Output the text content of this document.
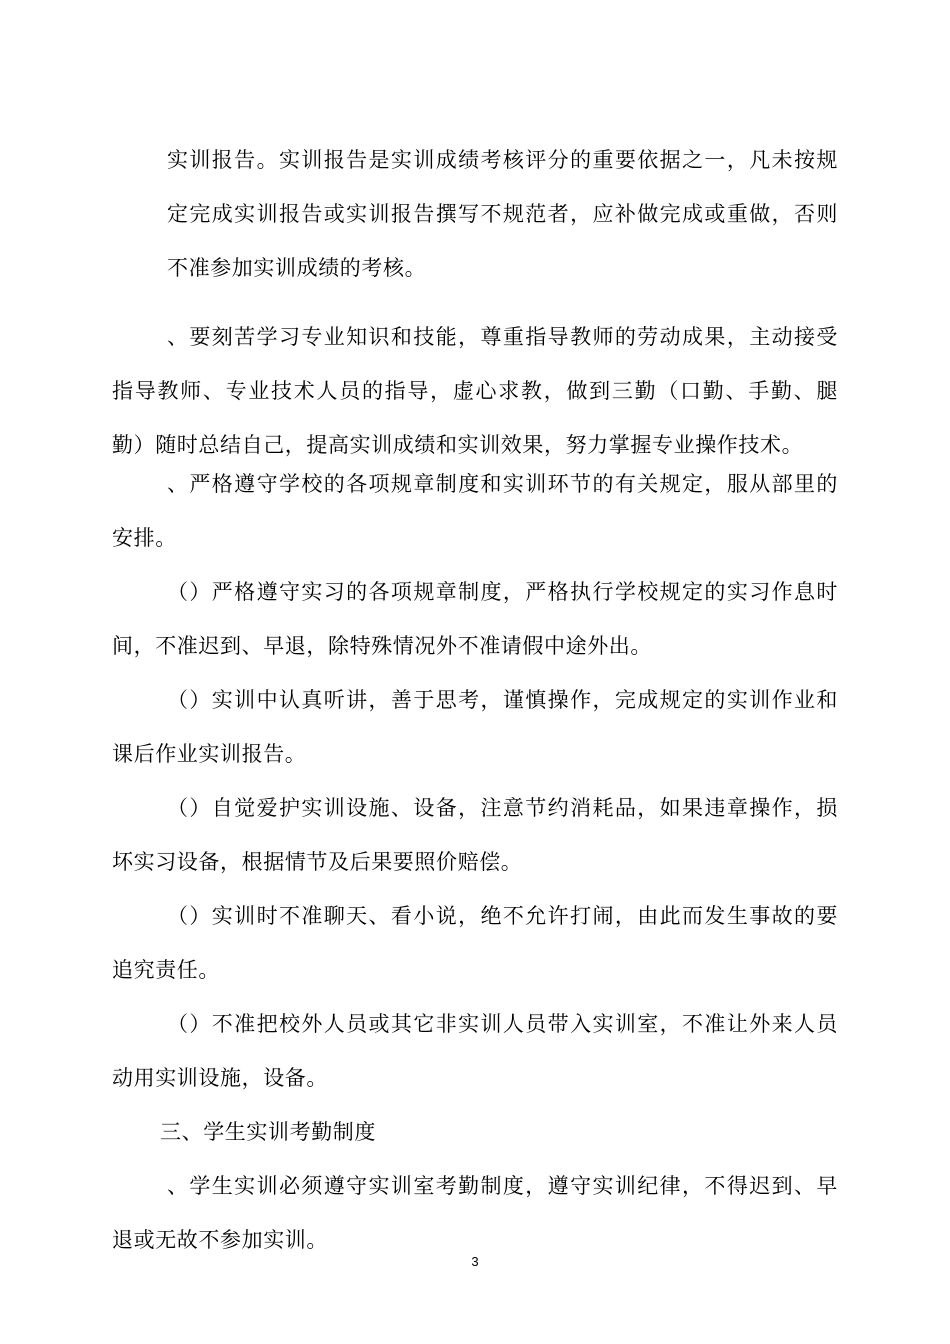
实训报告。实训报告是实训成绩考核评分的重要依据之一，凡未按规
定完成实训报告或实训报告撰写不规范者，应补做完成或重做，否则
不准参加实训成绩的考核。
、要刻苦学习专业知识和技能，尊重指导教师的劳动成果，主动接受
指导教师、专业技术人员的指导，虚心求教，做到三勤（口勤、手勤、腿
勤）随时总结自己，提高实训成绩和实训效果，努力掌握专业操作技术。
、严格遵守学校的各项规章制度和实训环节的有关规定，服从部里的
安排。
（）严格遵守实习的各项规章制度，严格执行学校规定的实习作息时
间，不准迟到、早退，除特殊情况外不准请假中途外出。
（）实训中认真听讲，善于思考，谨慎操作，完成规定的实训作业和
课后作业实训报告。
（）自觉爱护实训设施、设备，注意节约消耗品，如果违章操作，损
坏实习设备，根据情节及后果要照价赔偿。
（）实训时不准聊天、看小说，绝不允许打闹，由此而发生事故的要
追究责任。
（）不准把校外人员或其它非实训人员带入实训室，不准让外来人员
动用实训设施，设备。
三、学生实训考勤制度
、学生实训必须遵守实训室考勤制度，遵守实训纪律，不得迟到、早
退或无故不参加实训。
3
